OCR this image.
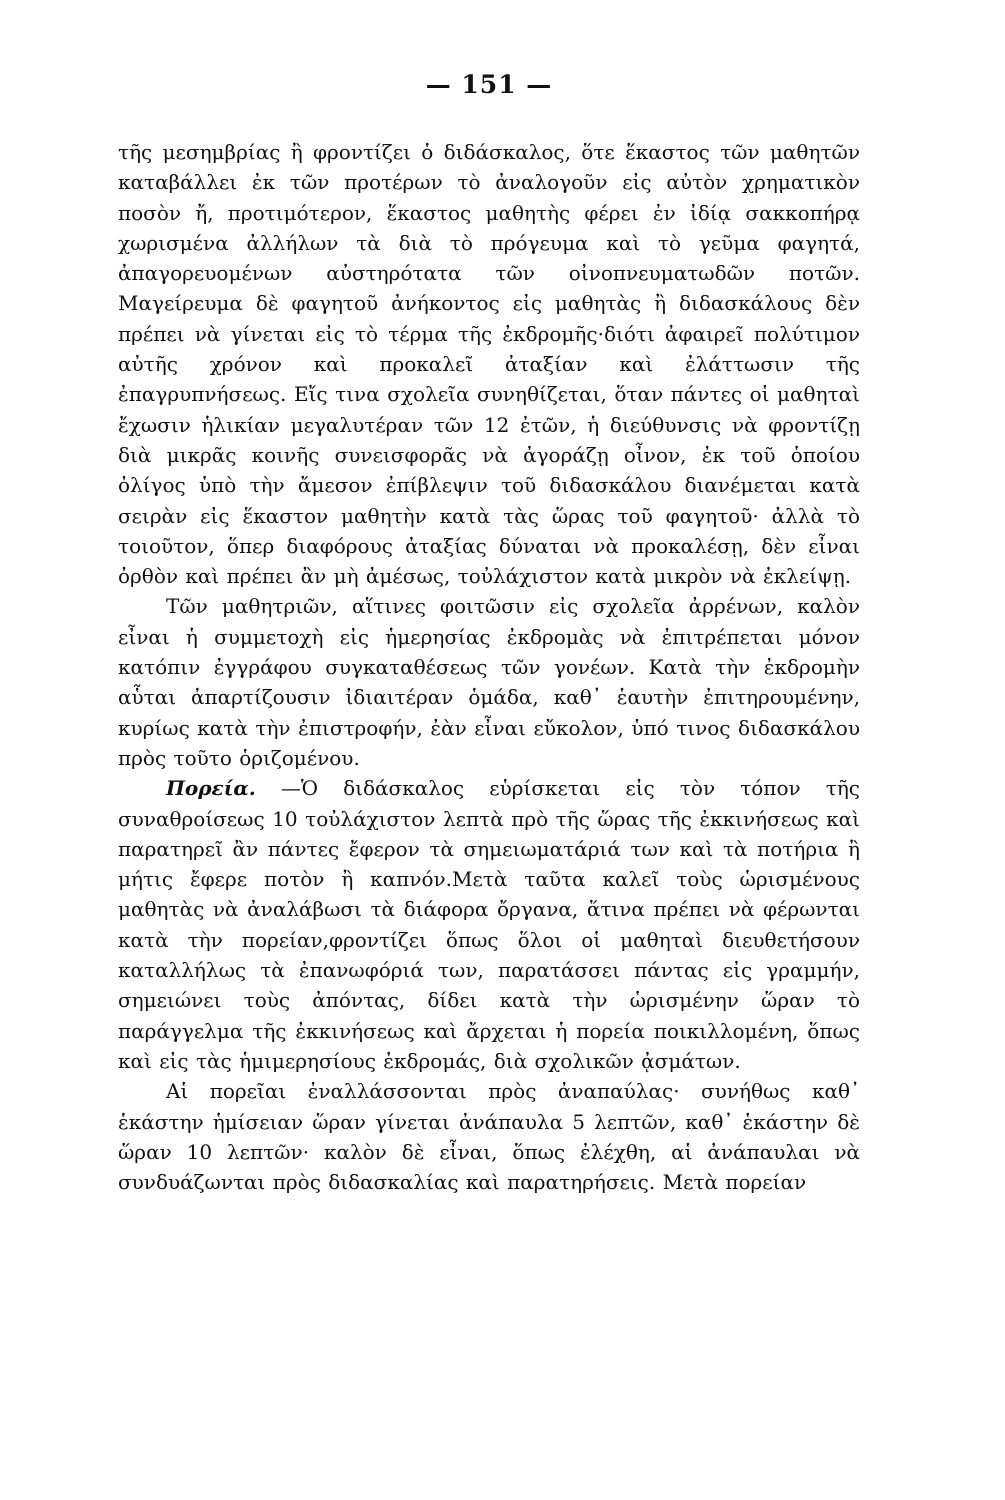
— 151 —

τῆς μεσημβρίας ἢ φροντίζει ὁ διδάσκαλος, ὅτε ἕκαστος τῶν μαθητῶν καταβάλλει ἐκ τῶν προτέρων τὸ ἀναλογοῦν εἰς αὐτὸν χρηματικὸν ποσὸν ἤ, προτιμότερον, ἕκαστος μαθητὴς φέρει ἐν ἰδίᾳ σακκοπήρᾳ χωρισμένα ἀλλήλων τὰ διὰ τὸ πρόγευμα καὶ τὸ γεῦμα φαγητά, ἀπαγορευομένων αὐστηρότατα τῶν οἰνοπνευματωδῶν ποτῶν. Μαγείρευμα δὲ φαγητοῦ ἀνήκοντος εἰς μαθητὰς ἢ διδασκάλους δὲν πρέπει νὰ γίνεται εἰς τὸ τέρμα τῆς ἐκδρομῆς·διότι ἀφαιρεῖ πολύτιμον αὐτῆς χρόνον καὶ προκαλεῖ ἀταξίαν καὶ ἐλάττωσιν τῆς ἐπαγρυπνήσεως. Εἴς τινα σχολεῖα συνηθίζεται, ὅταν πάντες οἱ μαθηταὶ ἔχωσιν ἡλικίαν μεγαλυτέραν τῶν 12 ἐτῶν, ἡ διεύθυνσις νὰ φροντίζῃ διὰ μικρᾶς κοινῆς συνεισφορᾶς νὰ ἀγοράζῃ οἶνον, ἐκ τοῦ ὁποίου ὀλίγος ὑπὸ τὴν ἄμεσον ἐπίβλεψιν τοῦ διδασκάλου διανέμεται κατὰ σειρὰν εἰς ἕκαστον μαθητὴν κατὰ τὰς ὥρας τοῦ φαγητοῦ· ἀλλὰ τὸ τοιοῦτον, ὅπερ διαφόρους ἀταξίας δύναται νὰ προκαλέσῃ, δὲν εἶναι ὀρθὸν καὶ πρέπει ἂν μὴ ἀμέσως, τοὐλάχιστον κατὰ μικρὸν νὰ ἐκλείψῃ.

Τῶν μαθητριῶν, αἵτινες φοιτῶσιν εἰς σχολεῖα ἀρρένων, καλὸν εἶναι ἡ συμμετοχὴ εἰς ἡμερησίας ἐκδρομὰς νὰ ἐπιτρέπεται μόνον κατόπιν ἐγγράφου συγκαταθέσεως τῶν γονέων. Κατὰ τὴν ἐκδρομὴν αὗται ἀπαρτίζουσιν ἰδιαιτέραν ὁμάδα, καθ᾽ ἑαυτὴν ἐπιτηρουμένην, κυρίως κατὰ τὴν ἐπιστροφήν, ἐὰν εἶναι εὔκολον, ὑπό τινος διδασκάλου πρὸς τοῦτο ὁριζομένου.

Πορεία. —Ὁ διδάσκαλος εὑρίσκεται εἰς τὸν τόπον τῆς συναθροίσεως 10 τοὐλάχιστον λεπτὰ πρὸ τῆς ὥρας τῆς ἐκκινήσεως καὶ παρατηρεῖ ἂν πάντες ἔφερον τὰ σημειωματάριά των καὶ τὰ ποτήρια ἢ μήτις ἔφερε ποτὸν ἢ καπνόν.Μετὰ ταῦτα καλεῖ τοὺς ὡρισμένους μαθητὰς νὰ ἀναλάβωσι τὰ διάφορα ὄργανα, ἅτινα πρέπει νὰ φέρωνται κατὰ τὴν πορείαν,φροντίζει ὅπως ὅλοι οἱ μαθηταὶ διευθετήσουν καταλλήλως τὰ ἐπανωφόριά των, παρατάσσει πάντας εἰς γραμμήν, σημειώνει τοὺς ἀπόντας, δίδει κατὰ τὴν ὡρισμένην ὥραν τὸ παράγγελμα τῆς ἐκκινήσεως καὶ ἄρχεται ἡ πορεία ποικιλλομένη, ὅπως καὶ εἰς τὰς ἡμιμερησίους ἐκδρομάς, διὰ σχολικῶν ᾀσμάτων.

Αἱ πορεῖαι ἐναλλάσσονται πρὸς ἀναπαύλας· συνήθως καθ᾽ ἑκάστην ἡμίσειαν ὥραν γίνεται ἀνάπαυλα 5 λεπτῶν, καθ᾽ ἑκάστην δὲ ὥραν 10 λεπτῶν· καλὸν δὲ εἶναι, ὅπως ἐλέχθη, αἱ ἀνάπαυλαι νὰ συνδυάζωνται πρὸς διδασκαλίας καὶ παρατηρήσεις. Μετὰ πορείαν
